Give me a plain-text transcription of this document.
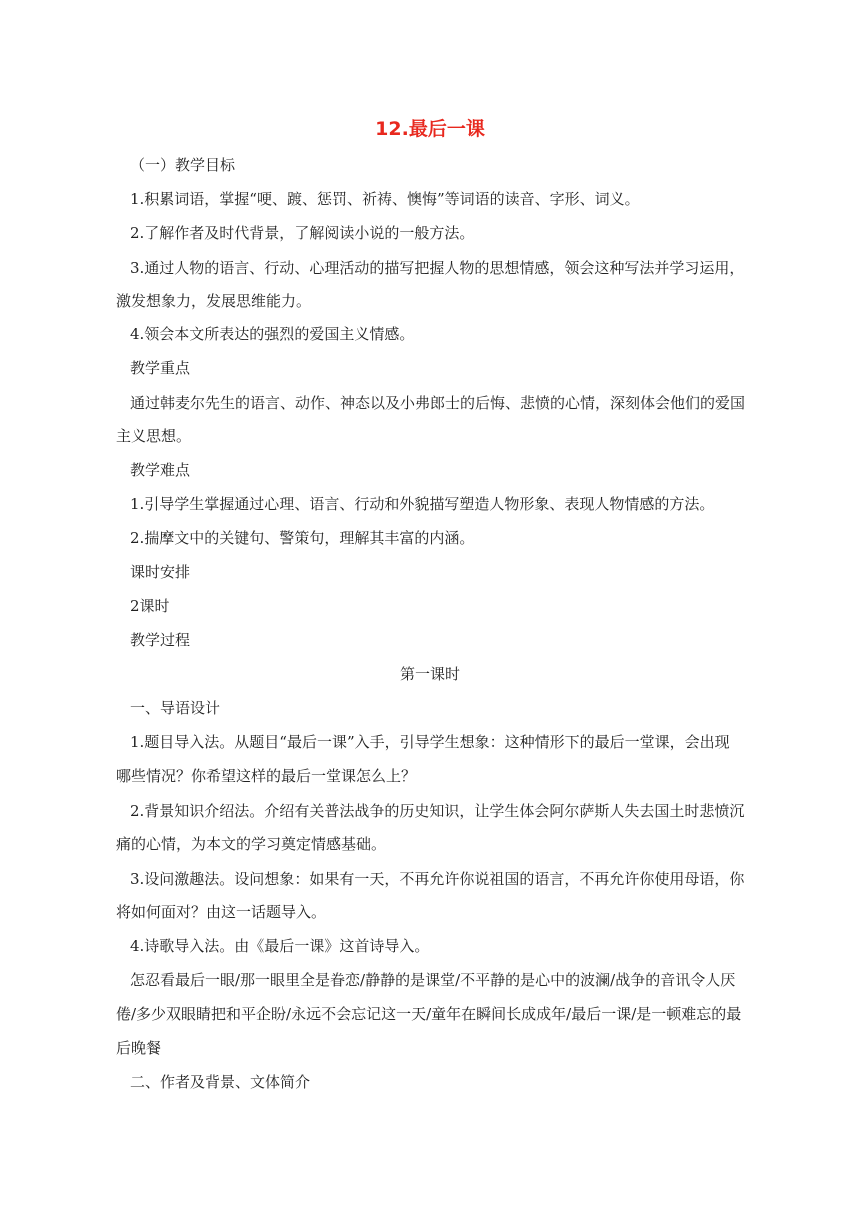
12.最后一课
（一）教学目标
1.积累词语，掌握“哽、踱、惩罚、祈祷、懊悔”等词语的读音、字形、词义。
2.了解作者及时代背景，了解阅读小说的一般方法。
3.通过人物的语言、行动、心理活动的描写把握人物的思想情感，领会这种写法并学习运用，
激发想象力，发展思维能力。
4.领会本文所表达的强烈的爱国主义情感。
教学重点
通过韩麦尔先生的语言、动作、神态以及小弗郎士的后悔、悲愤的心情，深刻体会他们的爱国
主义思想。
教学难点
1.引导学生掌握通过心理、语言、行动和外貌描写塑造人物形象、表现人物情感的方法。
2.揣摩文中的关键句、警策句，理解其丰富的内涵。
课时安排
2课时
教学过程
第一课时
一、导语设计
1.题目导入法。从题目“最后一课”入手，引导学生想象：这种情形下的最后一堂课，会出现
哪些情况？你希望这样的最后一堂课怎么上？
2.背景知识介绍法。介绍有关普法战争的历史知识，让学生体会阿尔萨斯人失去国土时悲愤沉
痛的心情，为本文的学习奠定情感基础。
3.设问激趣法。设问想象：如果有一天，不再允许你说祖国的语言，不再允许你使用母语，你
将如何面对？由这一话题导入。
4.诗歌导入法。由《最后一课》这首诗导入。
怎忍看最后一眼/那一眼里全是眷恋/静静的是课堂/不平静的是心中的波澜/战争的音讯令人厌
倦/多少双眼睛把和平企盼/永远不会忘记这一天/童年在瞬间长成成年/最后一课/是一顿难忘的最
后晚餐
二、作者及背景、文体简介
